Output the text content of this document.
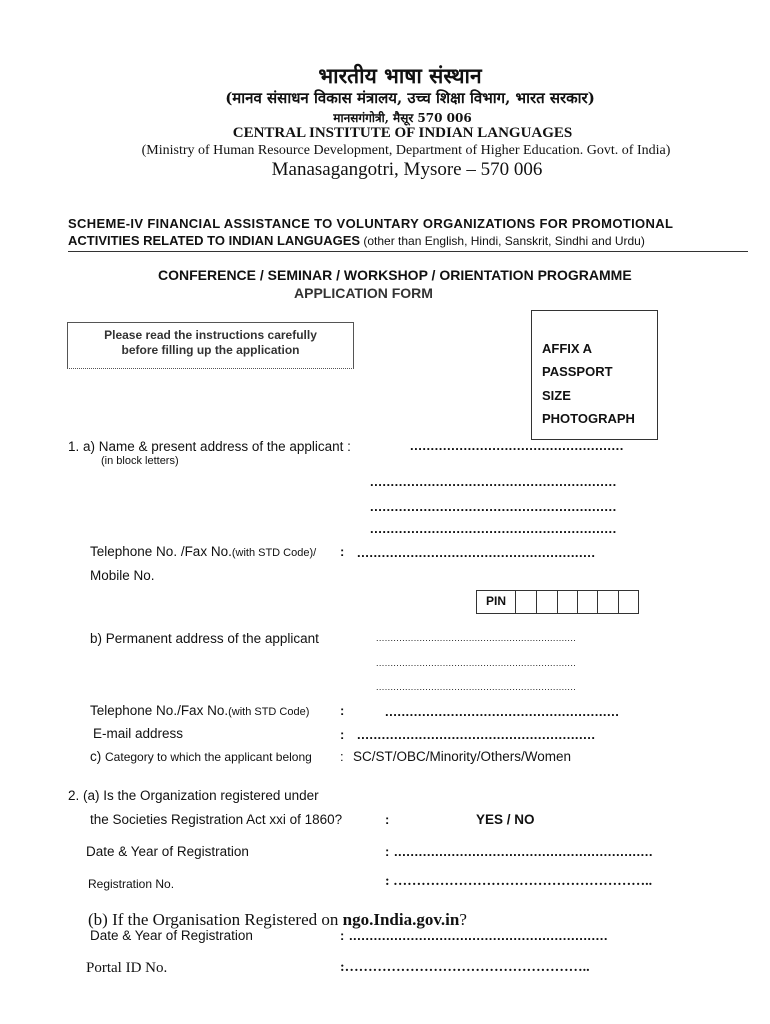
भारतीय भाषा संस्थान
(मानव संसाधन विकास मंत्रालय, उच्च शिक्षा विभाग, भारत सरकार)
मानसगंगोत्री, मैसूर 570 006
CENTRAL INSTITUTE OF INDIAN LANGUAGES
(Ministry of Human Resource Development, Department of Higher Education. Govt. of India)
Manasagangotri, Mysore – 570 006
SCHEME-IV FINANCIAL ASSISTANCE TO VOLUNTARY ORGANIZATIONS FOR PROMOTIONAL
ACTIVITIES RELATED TO INDIAN LANGUAGES (other than English, Hindi, Sanskrit, Sindhi and Urdu)
CONFERENCE / SEMINAR / WORKSHOP / ORIENTATION PROGRAMME
APPLICATION FORM
Please read the instructions carefully
before filling up the application	AFFIX A
PASSPORT
SIZE
PHOTOGRAPH
1. a) Name & present address of the applicant :	....................................................
(in block letters)
............................................................
............................................................
............................................................
Telephone No. /Fax No.(with STD Code)/ : ..........................................................
Mobile No.
PIN
b) Permanent address of the applicant	.....................................................................
.....................................................................
.....................................................................
Telephone No./Fax No.(with STD Code) :	.........................................................
E-mail address	: ..........................................................
c) Category to which the applicant belong : SC/ST/OBC/Minority/Others/Women
2. (a) Is the Organization registered under
the Societies Registration Act xxi of 1860?	:	YES / NO
Date & Year of Registration	: ...............................................................
Registration No.	: ………………………………………………..
(b) If the Organisation Registered on ngo.India.gov.in?
Date & Year of Registration	: ...............................................................
Portal ID No.	:……………………………………………..
